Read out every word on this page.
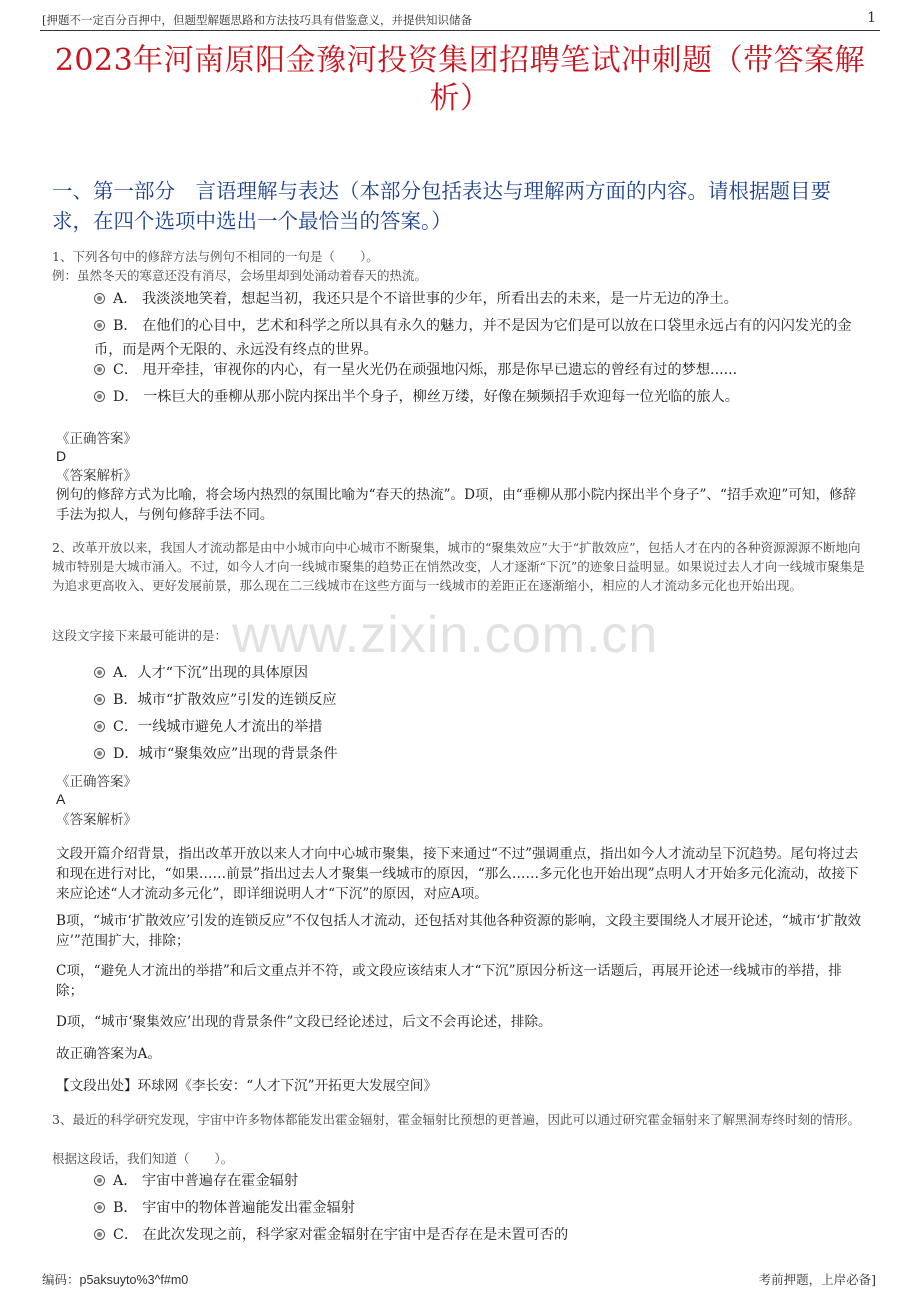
[押题不一定百分百押中，但题型解题思路和方法技巧具有借鉴意义，并提供知识储备	1
2023年河南原阳金豫河投资集团招聘笔试冲刺题（带答案解析）
一、第一部分　言语理解与表达（本部分包括表达与理解两方面的内容。请根据题目要求，在四个选项中选出一个最恰当的答案。）
www.zixin.com.cn
1、下列各句中的修辞方法与例句不相同的一句是（　　）。
例：虽然冬天的寒意还没有消尽，会场里却到处涌动着春天的热流。
A． 我淡淡地笑着，想起当初，我还只是个不谙世事的少年，所看出去的未来，是一片无边的净土。
B． 在他们的心目中，艺术和科学之所以具有永久的魅力，并不是因为它们是可以放在口袋里永远占有的闪闪发光的金币，而是两个无限的、永远没有终点的世界。
C． 甩开牵挂，审视你的内心，有一星火光仍在顽强地闪烁，那是你早已遗忘的曾经有过的梦想......
D． 一株巨大的垂柳从那小院内探出半个身子，柳丝万缕，好像在频频招手欢迎每一位光临的旅人。
《正确答案》
D
《答案解析》
例句的修辞方式为比喻，将会场内热烈的氛围比喻为“春天的热流”。D项，由“垂柳从那小院内探出半个身子”、“招手欢迎”可知，修辞手法为拟人，与例句修辞手法不同。
2、改革开放以来，我国人才流动都是由中小城市向中心城市不断聚集，城市的“聚集效应”大于“扩散效应”，包括人才在内的各种资源源源不断地向城市特别是大城市涌入。不过，如今人才向一线城市聚集的趋势正在悄然改变，人才逐渐“下沉”的迹象日益明显。如果说过去人才向一线城市聚集是为追求更高收入、更好发展前景，那么现在二三线城市在这些方面与一线城市的差距正在逐渐缩小，相应的人才流动多元化也开始出现。
这段文字接下来最可能讲的是：
A．人才“下沉”出现的具体原因
B．城市“扩散效应”引发的连锁反应
C．一线城市避免人才流出的举措
D．城市“聚集效应”出现的背景条件
《正确答案》
A
《答案解析》
文段开篇介绍背景，指出改革开放以来人才向中心城市聚集，接下来通过“不过”强调重点，指出如今人才流动呈下沉趋势。尾句将过去和现在进行对比，“如果……前景”指出过去人才聚集一线城市的原因，“那么……多元化也开始出现”点明人才开始多元化流动，故接下来应论述“人才流动多元化”，即详细说明人才“下沉”的原因，对应A项。
B项，“城市‘扩散效应’引发的连锁反应”不仅包括人才流动，还包括对其他各种资源的影响，文段主要围绕人才展开论述，“城市‘扩散效应’”范围扩大，排除；
C项，“避免人才流出的举措”和后文重点并不符，或文段应该结束人才“下沉”原因分析这一话题后，再展开论述一线城市的举措，排除；
D项，“城市‘聚集效应’出现的背景条件”文段已经论述过，后文不会再论述，排除。
故正确答案为A。
【文段出处】环球网《李长安：“人才下沉”开拓更大发展空间》
3、最近的科学研究发现，宇宙中许多物体都能发出霍金辐射，霍金辐射比预想的更普遍，因此可以通过研究霍金辐射来了解黑洞寿终时刻的情形。
根据这段话，我们知道（　　）。
A． 宇宙中普遍存在霍金辐射
B． 宇宙中的物体普遍能发出霍金辐射
C． 在此次发现之前，科学家对霍金辐射在宇宙中是否存在是未置可否的
编码：p5aksuyto%3^f#m0	考前押题，上岸必备]
